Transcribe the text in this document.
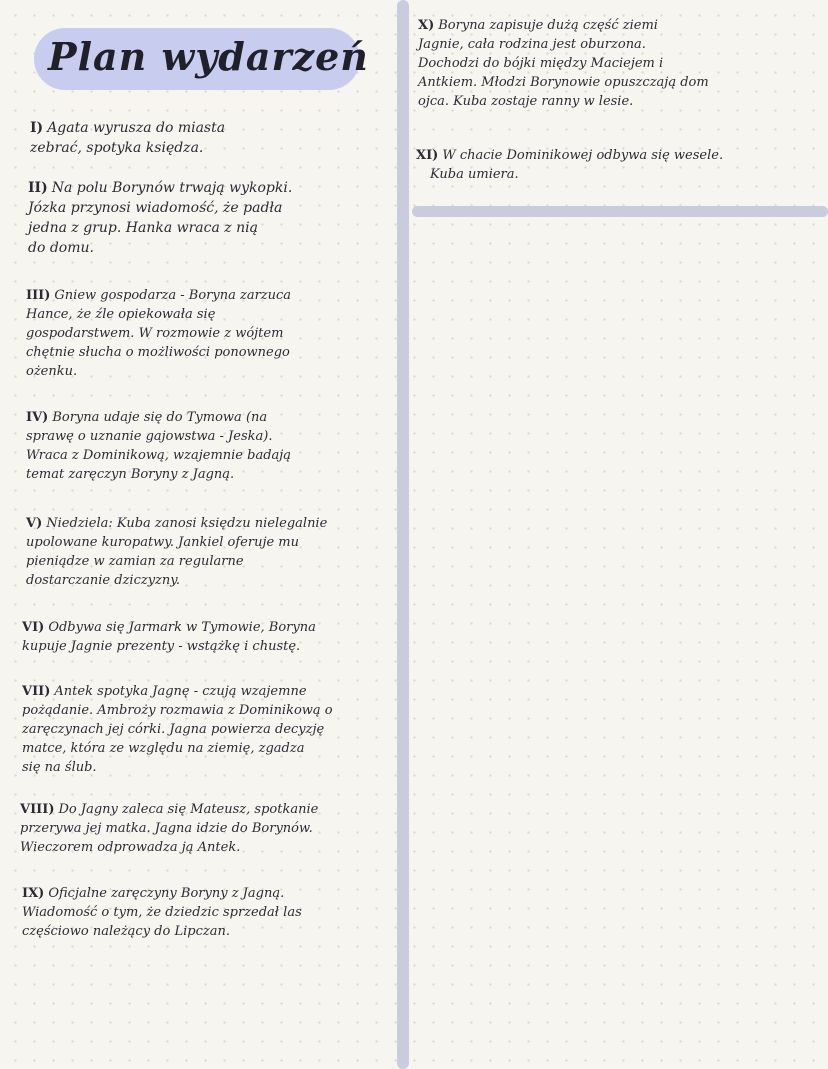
Plan wydarzeń
I) Agata wyrusza do miasta
zebrać, spotyka księdza.
II) Na polu Borynów trwają wykopki.
Józka przynosi wiadomość, że padła
jedna z grup. Hanka wraca z nią
do domu.
III) Gniew gospodarza - Boryna zarzuca
Hance, że źle opiekowała się
gospodarstwem. W rozmowie z wójtem
chętnie słucha o możliwości ponownego
ożenku.
IV) Boryna udaje się do Tymowa (na
sprawę o uznanie gajowstwa - Jeska).
Wraca z Dominikową, wzajemnie badają
temat zaręczyn Boryny z Jagną.
V) Niedziela: Kuba zanosi księdzu nielegalnie
upolowane kuropatwy. Jankiel oferuje mu
pieniądze w zamian za regularne
dostarczanie dziczyzny.
VI) Odbywa się Jarmark w Tymowie, Boryna
kupuje Jagnie prezenty - wstążkę i chustę.
VII) Antek spotyka Jagnę - czują wzajemne
pożądanie. Ambroży rozmawia z Dominikową o
zaręczynach jej córki. Jagna powierza decyzję
matce, która ze względu na ziemię, zgadza
się na ślub.
VIII) Do Jagny zaleca się Mateusz, spotkanie
przerywa jej matka. Jagna idzie do Borynów.
Wieczorem odprowadza ją Antek.
IX) Oficjalne zaręczyny Boryny z Jagną.
Wiadomość o tym, że dziedzic sprzedał las
częściowo należący do Lipczan.
X) Boryna zapisuje dużą część ziemi
Jagnie, cała rodzina jest oburzona.
Dochodzi do bójki między Maciejem i
Antkiem. Młodzi Borynowie opuszczają dom
ojca. Kuba zostaje ranny w lesie.
XI) W chacie Dominikowej odbywa się wesele.
Kuba umiera.
